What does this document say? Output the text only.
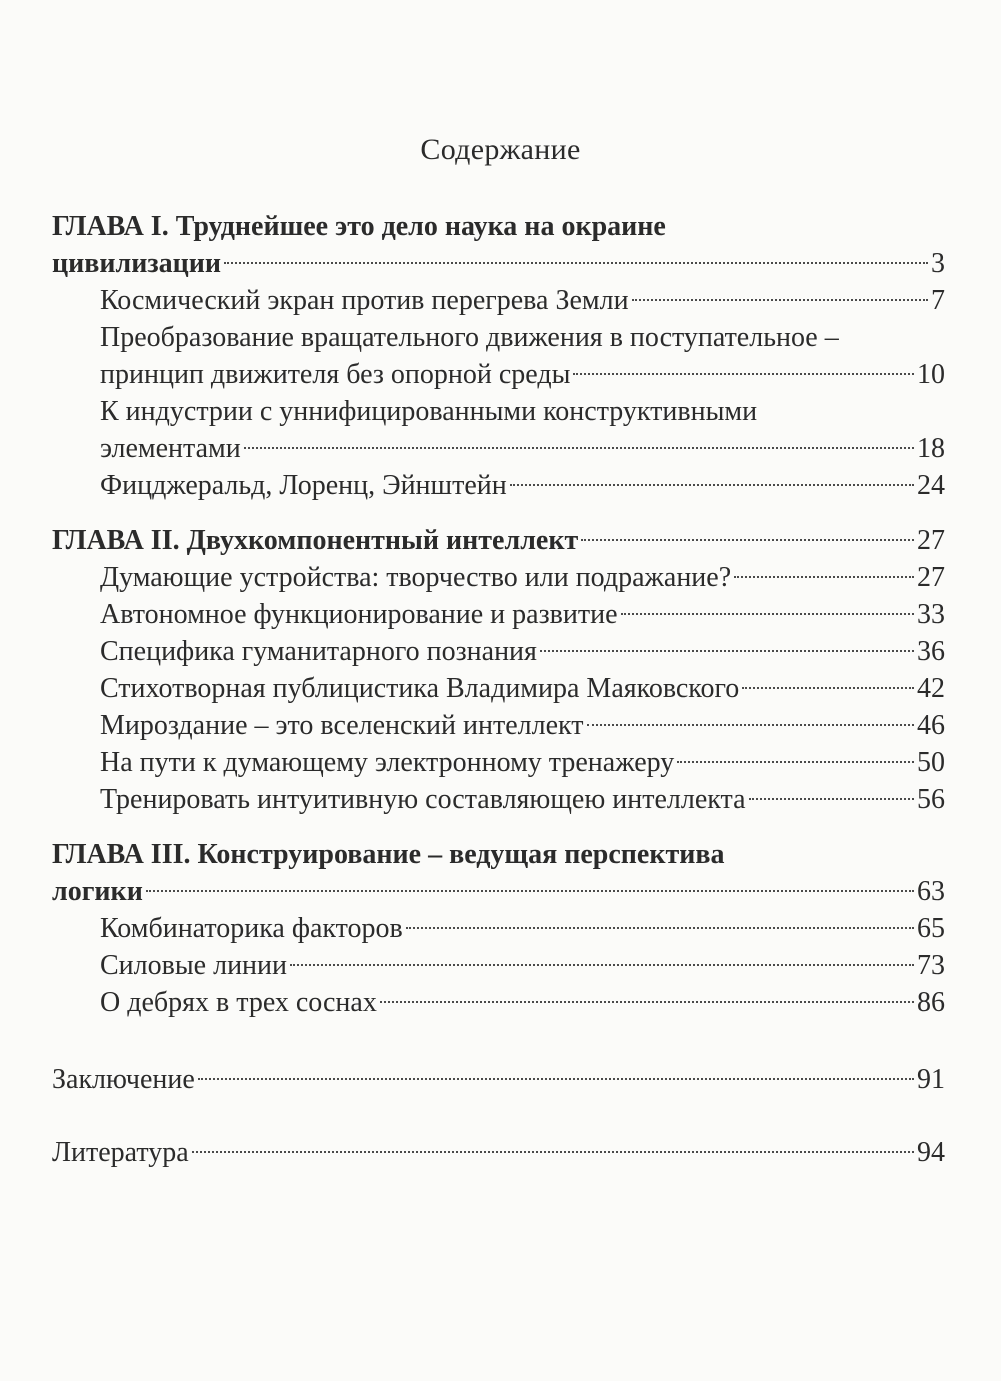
Содержание
ГЛАВА I. Труднейшее это дело наука на окраине
цивилизации	3
Космический экран против перегрева Земли	7
Преобразование вращательного движения в поступательное –
принцип движителя без опорной среды	10
К индустрии с уннифицированными конструктивными
элементами	18
Фицджеральд, Лоренц, Эйнштейн	24
ГЛАВА II. Двухкомпонентный интеллект	27
Думающие устройства: творчество или подражание?	27
Автономное функционирование и развитие	33
Специфика гуманитарного познания	36
Стихотворная публицистика Владимира Маяковского	42
Мироздание – это вселенский интеллект	46
На пути к думающему электронному тренажеру	50
Тренировать интуитивную составляющею интеллекта	56
ГЛАВА III. Конструирование – ведущая перспектива
логики	63
Комбинаторика факторов	65
Силовые линии	73
О дебрях в трех соснах	86
Заключение	91
Литература	94
